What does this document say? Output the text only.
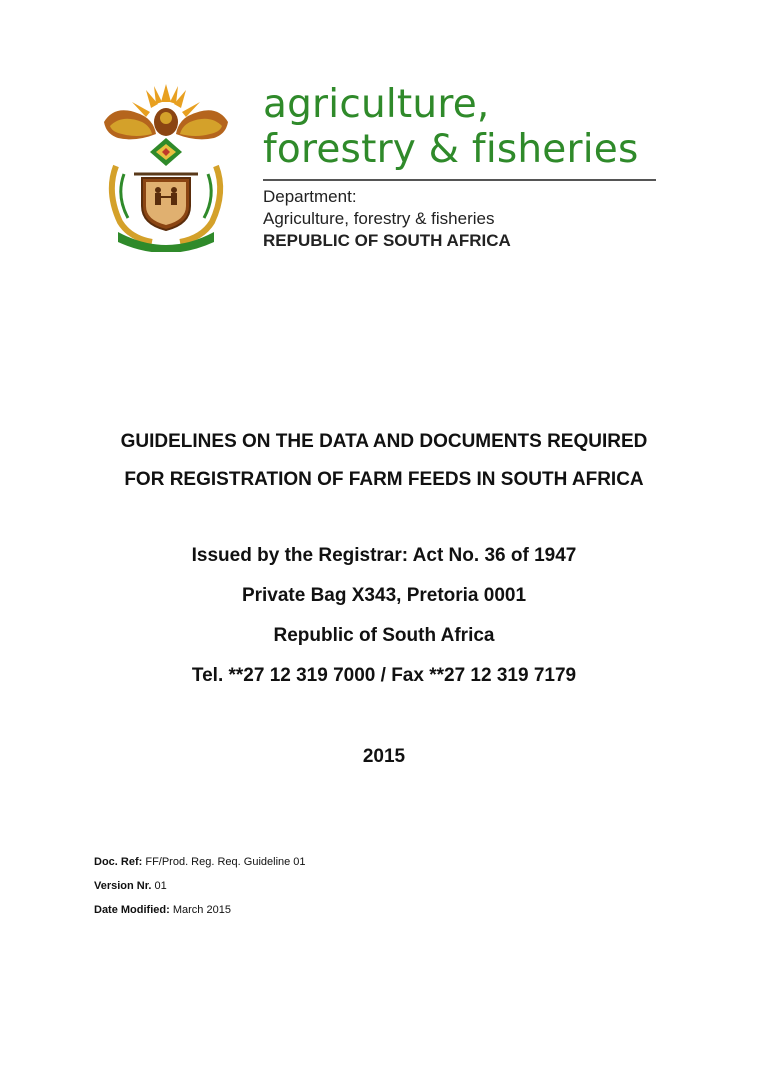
agriculture,
forestry & fisheries
Department:
Agriculture, forestry & fisheries
REPUBLIC OF SOUTH AFRICA
GUIDELINES ON THE DATA AND DOCUMENTS REQUIRED
FOR REGISTRATION OF FARM FEEDS IN SOUTH AFRICA
Issued by the Registrar: Act No. 36 of 1947
Private Bag X343, Pretoria 0001
Republic of South Africa
Tel. **27 12 319 7000 / Fax **27 12 319 7179
2015
Doc. Ref: FF/Prod. Reg. Req. Guideline 01
Version Nr. 01
Date Modified: March 2015
